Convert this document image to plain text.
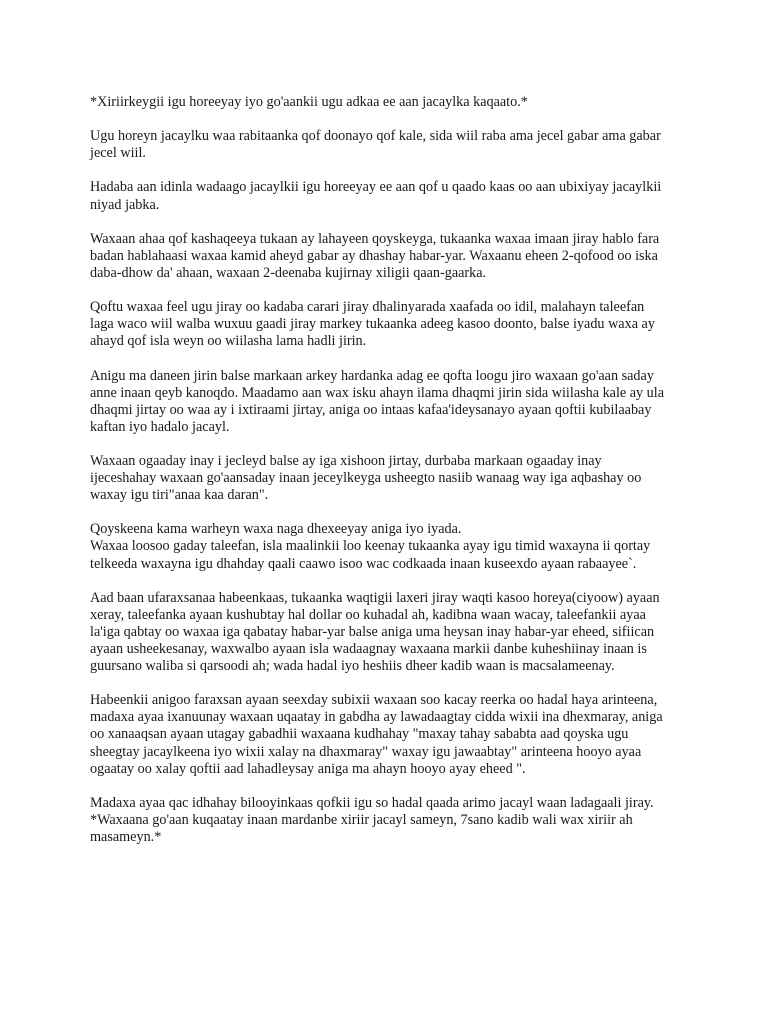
*Xiriirkeygii igu horeeyay iyo go'aankii ugu adkaa ee aan jacaylka kaqaato.*
Ugu horeyn jacaylku waa rabitaanka qof doonayo qof kale, sida wiil raba ama jecel gabar ama gabar
jecel wiil.
Hadaba aan idinla wadaago jacaylkii igu horeeyay ee aan qof u qaado kaas oo aan ubixiyay jacaylkii
niyad jabka.
Waxaan ahaa qof kashaqeeya tukaan ay lahayeen qoyskeyga, tukaanka waxaa imaan jiray hablo fara
badan hablahaasi waxaa kamid aheyd gabar ay dhashay habar-yar. Waxaanu eheen 2-qofood oo iska
daba-dhow da' ahaan, waxaan 2-deenaba kujirnay xiligii qaan-gaarka.
Qoftu waxaa feel ugu jiray oo kadaba carari jiray dhalinyarada xaafada oo idil, malahayn taleefan
laga waco wiil walba wuxuu gaadi jiray markey tukaanka adeeg kasoo doonto, balse iyadu waxa ay
ahayd qof isla weyn oo wiilasha lama hadli jirin.
Anigu ma daneen jirin balse markaan arkey hardanka adag ee qofta loogu jiro waxaan go'aan saday
anne inaan qeyb kanoqdo. Maadamo aan wax isku ahayn ilama dhaqmi jirin sida wiilasha kale ay ula
dhaqmi jirtay oo waa ay i ixtiraami jirtay, aniga oo intaas kafaa'ideysanayo ayaan qoftii kubilaabay
kaftan iyo hadalo jacayl.
Waxaan ogaaday inay i jecleyd balse ay iga xishoon jirtay, durbaba markaan ogaaday inay
ijeceshahay waxaan go'aansaday inaan jeceylkeyga usheegto nasiib wanaag way iga aqbashay oo
waxay igu tiri"anaa kaa daran".
Qoyskeena kama warheyn waxa naga dhexeeyay aniga iyo iyada.
Waxaa loosoo gaday taleefan, isla maalinkii loo keenay tukaanka ayay igu timid waxayna ii qortay
telkeeda waxayna igu dhahday qaali caawo isoo wac codkaada inaan kuseexdo ayaan rabaayee`.
Aad baan ufaraxsanaa habeenkaas, tukaanka waqtigii laxeri jiray waqti kasoo horeya(ciyoow) ayaan
xeray, taleefanka ayaan kushubtay hal dollar oo kuhadal ah, kadibna waan wacay, taleefankii ayaa
la'iga qabtay oo waxaa iga qabatay habar-yar balse aniga uma heysan inay habar-yar eheed, sifiican
ayaan usheekesanay, waxwalbo ayaan isla wadaagnay waxaana markii danbe kuheshiinay inaan is
guursano waliba si qarsoodi ah; wada hadal iyo heshiis dheer kadib waan is macsalameenay.
Habeenkii anigoo faraxsan ayaan seexday subixii waxaan soo kacay reerka oo hadal haya arinteena,
madaxa ayaa ixanuunay waxaan uqaatay in gabdha ay lawadaagtay cidda wixii ina dhexmaray, aniga
oo xanaaqsan ayaan utagay gabadhii waxaana kudhahay "maxay tahay sababta aad qoyska ugu
sheegtay jacaylkeena iyo wixii xalay na dhaxmaray" waxay igu jawaabtay" arinteena hooyo ayaa
ogaatay oo xalay qoftii aad lahadleysay aniga ma ahayn hooyo ayay eheed ".
Madaxa ayaa qac idhahay bilooyinkaas qofkii igu so hadal qaada arimo jacayl waan ladagaali jiray.
*Waxaana go'aan kuqaatay inaan mardanbe xiriir jacayl sameyn, 7sano kadib wali wax xiriir ah
masameyn.*
